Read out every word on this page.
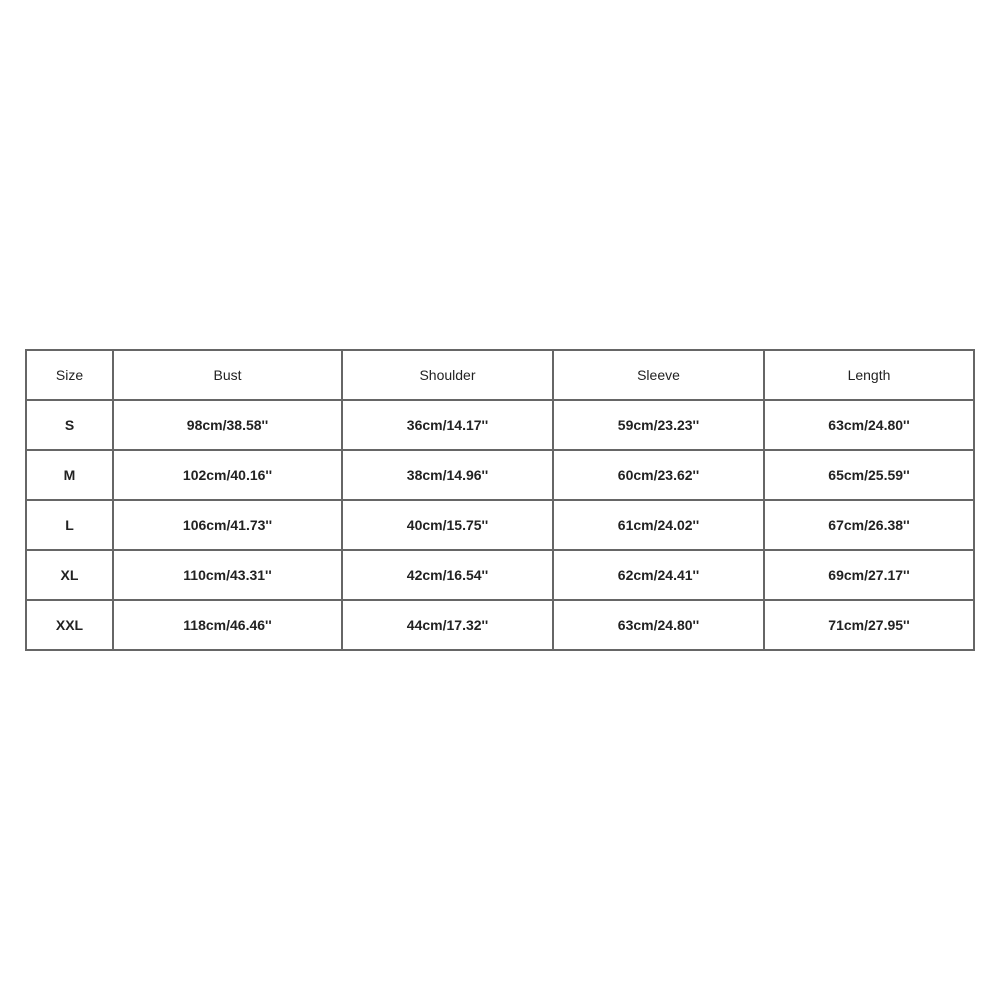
Size	Bust	Shoulder	Sleeve	Length
S	98cm/38.58''	36cm/14.17''	59cm/23.23''	63cm/24.80''
M	102cm/40.16''	38cm/14.96''	60cm/23.62''	65cm/25.59''
L	106cm/41.73''	40cm/15.75''	61cm/24.02''	67cm/26.38''
XL	110cm/43.31''	42cm/16.54''	62cm/24.41''	69cm/27.17''
XXL	118cm/46.46''	44cm/17.32''	63cm/24.80''	71cm/27.95''
